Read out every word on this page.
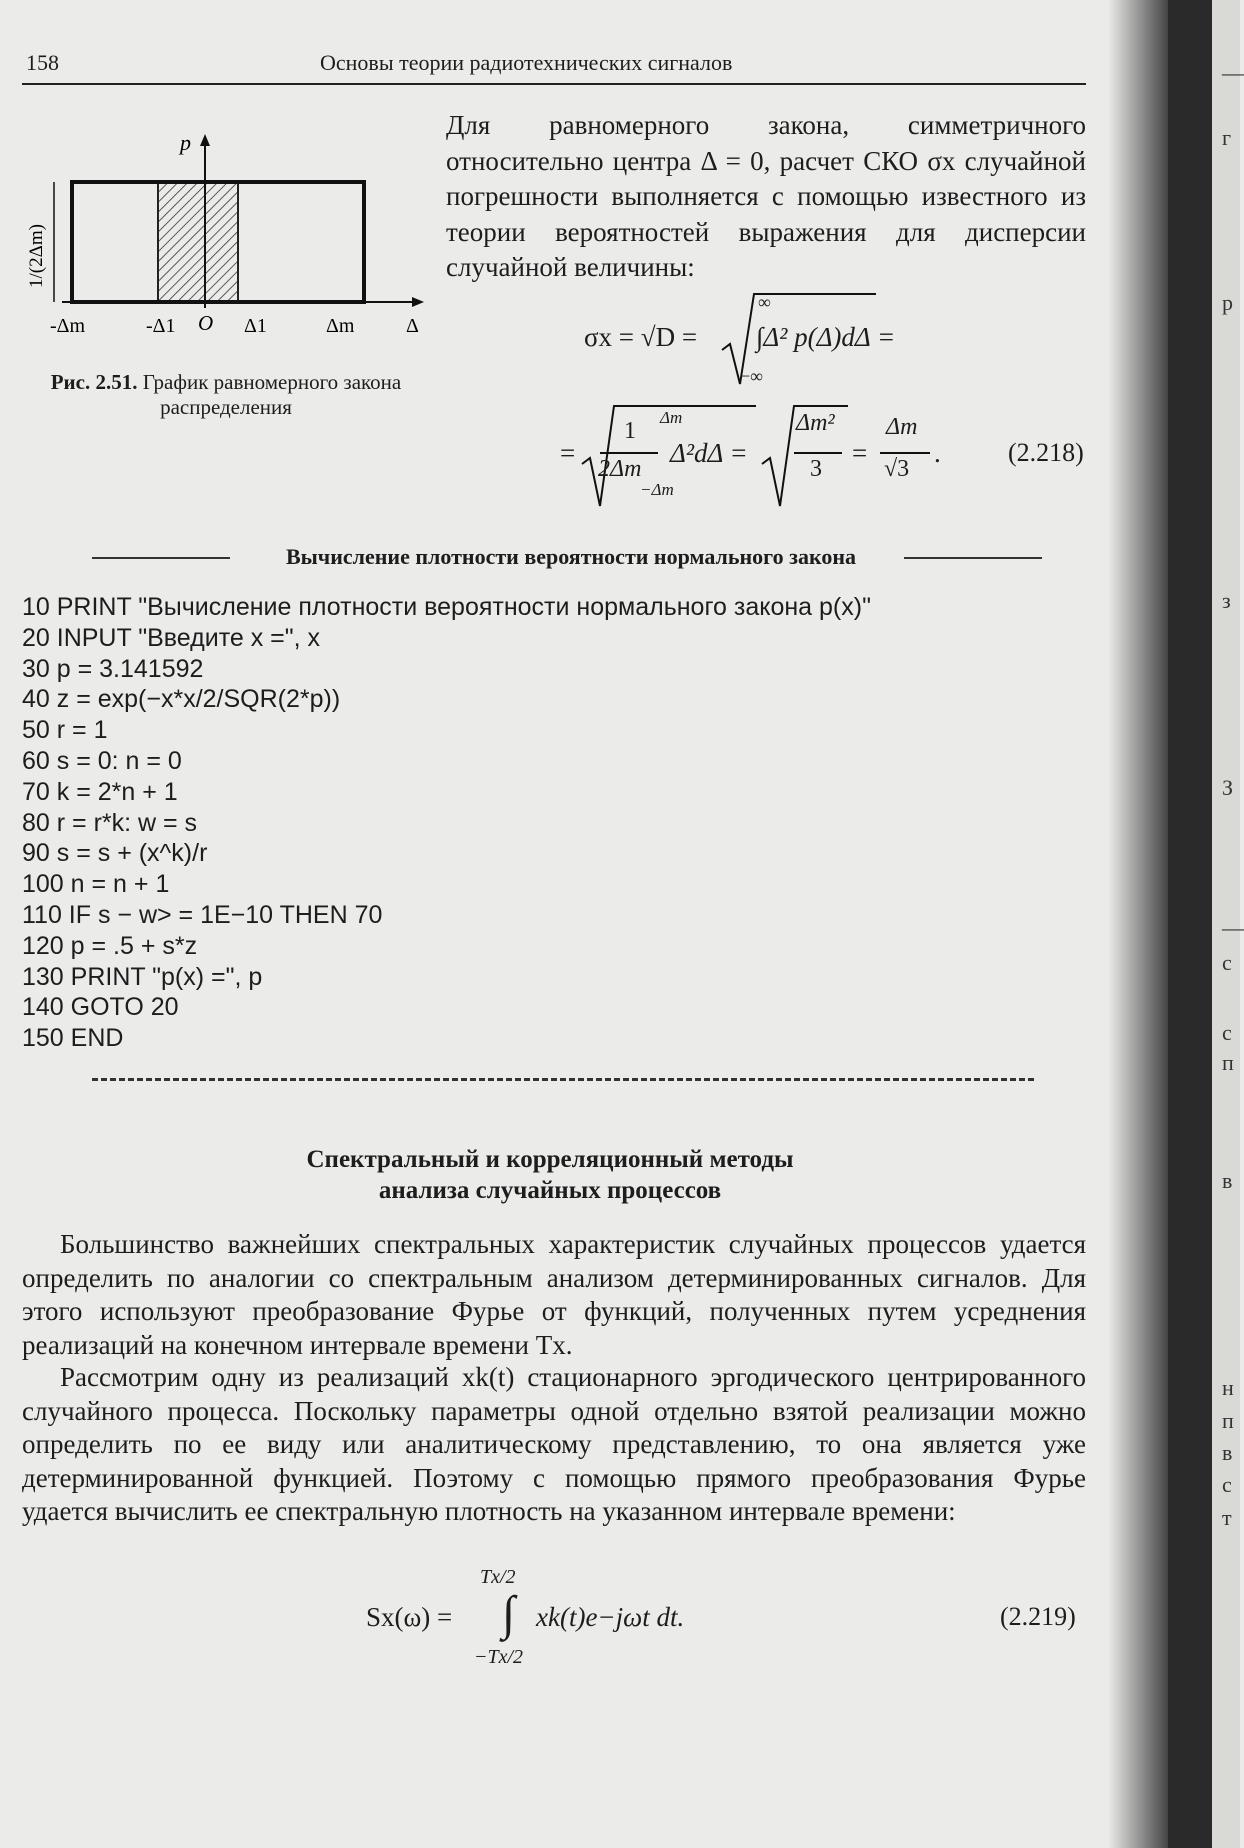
—
г
р
з
З
—
с
с
п
в
н
п
в
с
т
158	Основы теории радиотехнических сигналов
Для равномерного закона, симметричного относительно центра Δ = 0, расчет СКО σx случайной погрешности выполняется с помощью известного из теории вероятностей выражения для дисперсии случайной величины:
p
Δ
1/(2Δm)
-Δm	-Δ1 O Δ1	Δm
Рис. 2.51. График равномерного закона распределения
σx = √D =
∞
−∞
∫Δ² p(Δ)dΔ =
=
1
2Δm
Δm
−Δm
Δ²dΔ =
Δm²
3
=
Δm
√3
.	(2.218)
Вычисление плотности вероятности нормального закона
10 PRINT "Вычисление плотности вероятности нормального закона p(x)"
20 INPUT "Введите x =", x
30 p = 3.141592
40 z = exp(−x*x/2/SQR(2*p))
50 r = 1
60 s = 0: n = 0
70 k = 2*n + 1
80 r = r*k: w = s
90 s = s + (x^k)/r
100 n = n + 1
110 IF s − w> = 1E−10 THEN 70
120 p = .5 + s*z
130 PRINT "p(x) =", p
140 GOTO 20
150 END
Спектральный и корреляционный методы
анализа случайных процессов
Большинство важнейших спектральных характеристик случайных процессов удается определить по аналогии со спектральным анализом детерминированных сигналов. Для этого используют преобразование Фурье от функций, полученных путем усреднения реализаций на конечном интервале времени Tx.
Рассмотрим одну из реализаций xk(t) стационарного эргодического центрированного случайного процесса. Поскольку параметры одной отдельно взятой реализации можно определить по ее виду или аналитическому представлению, то она является уже детерминированной функцией. Поэтому с помощью прямого преобразования Фурье удается вычислить ее спектральную плотность на указанном интервале времени:
Sx(ω) =
Tx/2
∫
−Tx/2
xk(t)e−jωt dt.	(2.219)
